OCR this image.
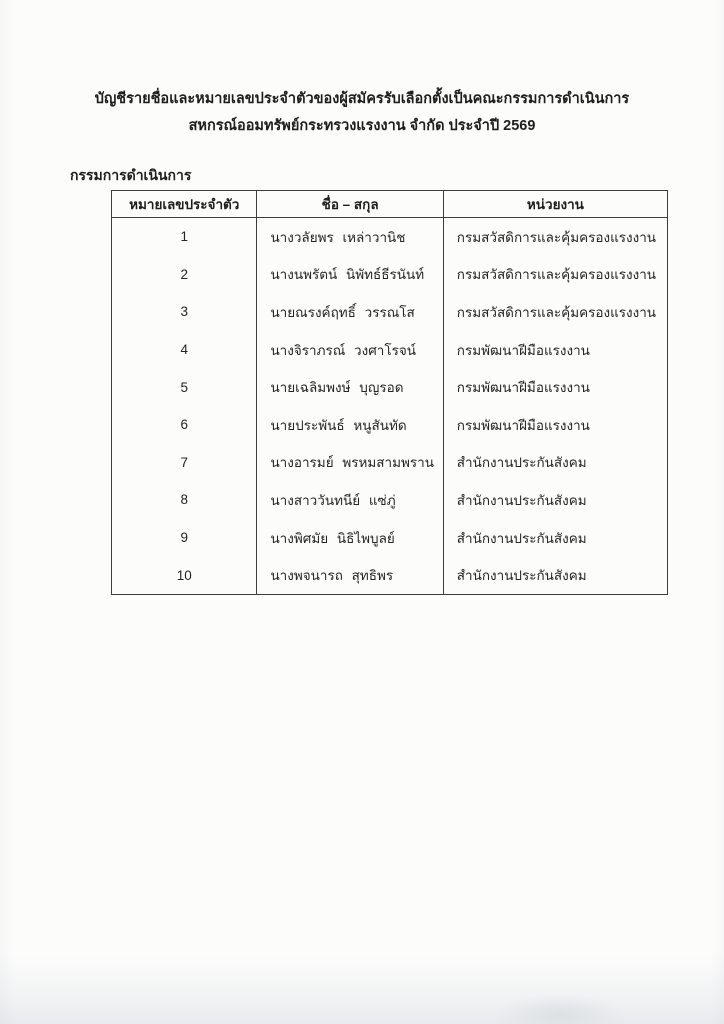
บัญชีรายชื่อและหมายเลขประจำตัวของผู้สมัครรับเลือกตั้งเป็นคณะกรรมการดำเนินการ
สหกรณ์ออมทรัพย์กระทรวงแรงงาน จำกัด ประจำปี 2569
กรรมการดำเนินการ
หมายเลขประจำตัว	ชื่อ – สกุล	หน่วยงาน
1	นางวลัยพร เหล่าวานิช	กรมสวัสดิการและคุ้มครองแรงงาน
2	นางนพรัตน์ นิพัทธ์ธีรนันท์	กรมสวัสดิการและคุ้มครองแรงงาน
3	นายณรงค์ฤทธิ์ วรรณโส	กรมสวัสดิการและคุ้มครองแรงงาน
4	นางจิราภรณ์ วงศาโรจน์	กรมพัฒนาฝีมือแรงงาน
5	นายเฉลิมพงษ์ บุญรอด	กรมพัฒนาฝีมือแรงงาน
6	นายประพันธ์ หนูสันทัด	กรมพัฒนาฝีมือแรงงาน
7	นางอารมย์ พรหมสามพราน	สำนักงานประกันสังคม
8	นางสาววันทนีย์ แซ่ภู่	สำนักงานประกันสังคม
9	นางพิศมัย นิธิไพบูลย์	สำนักงานประกันสังคม
10	นางพจนารถ สุทธิพร	สำนักงานประกันสังคม
